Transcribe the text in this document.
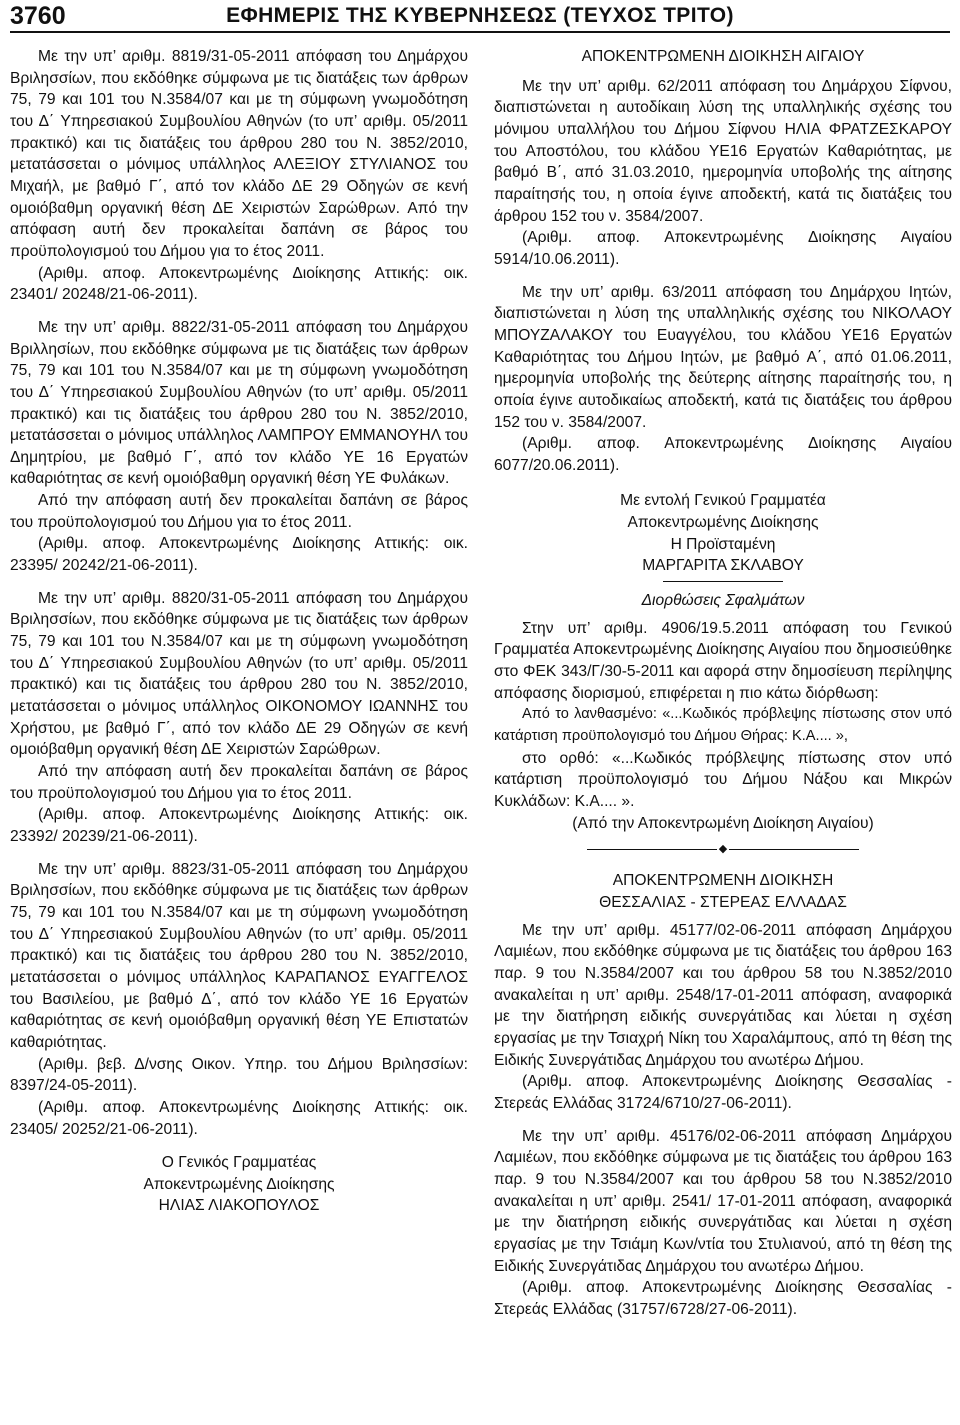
3760	ΕΦΗΜΕΡΙΣ ΤΗΣ ΚΥΒΕΡΝΗΣΕΩΣ (ΤΕΥΧΟΣ ΤΡΙΤΟ)

Με την υπ’ αριθμ. 8819/31-05-2011 απόφαση του Δημάρχου Βριλησσίων, που εκδόθηκε σύμφωνα με τις διατάξεις των άρθρων 75, 79 και 101 του Ν.3584/07 και με τη σύμφωνη γνωμοδότηση του Δ΄ Υπηρεσιακού Συμβουλίου Αθηνών (το υπ’ αριθμ. 05/2011 πρακτικό) και τις διατάξεις του άρθρου 280 του Ν. 3852/2010, μετατάσσεται ο μόνιμος υπάλληλος ΑΛΕΞΙΟΥ ΣΤΥΛΙΑΝΟΣ του Μιχαήλ, με βαθμό Γ΄, από τον κλάδο ΔΕ 29 Οδηγών σε κενή ομοιόβαθμη οργανική θέση ΔΕ Χειριστών Σαρώθρων. Από την απόφαση αυτή δεν προκαλείται δαπάνη σε βάρος του προϋπολογισμού του Δήμου για το έτος 2011.

(Αριθμ. αποφ. Αποκεντρωμένης Διοίκησης Αττικής: οικ. 23401/ 20248/21-06-2011).

Με την υπ’ αριθμ. 8822/31-05-2011 απόφαση του Δημάρχου Βριλλησίων, που εκδόθηκε σύμφωνα με τις διατάξεις των άρθρων 75, 79 και 101 του Ν.3584/07 και με τη σύμφωνη γνωμοδότηση του Δ΄ Υπηρεσιακού Συμβουλίου Αθηνών (το υπ’ αριθμ. 05/2011 πρακτικό) και τις διατάξεις του άρθρου 280 του Ν. 3852/2010, μετατάσσεται ο μόνιμος υπάλληλος ΛΑΜΠΡΟΥ ΕΜΜΑΝΟΥΗΛ του Δημητρίου, με βαθμό Γ΄, από τον κλάδο ΥΕ 16 Εργατών καθαριότητας σε κενή ομοιόβαθμη οργανική θέση ΥΕ Φυλάκων.

Από την απόφαση αυτή δεν προκαλείται δαπάνη σε βάρος του προϋπολογισμού του Δήμου για το έτος 2011.

(Αριθμ. αποφ. Αποκεντρωμένης Διοίκησης Αττικής: οικ. 23395/ 20242/21-06-2011).

Με την υπ’ αριθμ. 8820/31-05-2011 απόφαση του Δημάρχου Βριλησσίων, που εκδόθηκε σύμφωνα με τις διατάξεις των άρθρων 75, 79 και 101 του Ν.3584/07 και με τη σύμφωνη γνωμοδότηση του Δ΄ Υπηρεσιακού Συμβουλίου Αθηνών (το υπ’ αριθμ. 05/2011 πρακτικό) και τις διατάξεις του άρθρου 280 του Ν. 3852/2010, μετατάσσεται ο μόνιμος υπάλληλος ΟΙΚΟΝΟΜΟΥ ΙΩΑΝΝΗΣ του Χρήστου, με βαθμό Γ΄, από τον κλάδο ΔΕ 29 Οδηγών σε κενή ομοιόβαθμη οργανική θέση ΔΕ Χειριστών Σαρώθρων.

Από την απόφαση αυτή δεν προκαλείται δαπάνη σε βάρος του προϋπολογισμού του Δήμου για το έτος 2011.

(Αριθμ. αποφ. Αποκεντρωμένης Διοίκησης Αττικής: οικ. 23392/ 20239/21-06-2011).

Με την υπ’ αριθμ. 8823/31-05-2011 απόφαση του Δημάρχου Βριλησσίων, που εκδόθηκε σύμφωνα με τις διατάξεις των άρθρων 75, 79 και 101 του Ν.3584/07 και με τη σύμφωνη γνωμοδότηση του Δ΄ Υπηρεσιακού Συμβουλίου Αθηνών (το υπ’ αριθμ. 05/2011 πρακτικό) και τις διατάξεις του άρθρου 280 του Ν. 3852/2010, μετατάσσεται ο μόνιμος υπάλληλος ΚΑΡΑΠΑΝΟΣ ΕΥΑΓΓΕΛΟΣ του Βασιλείου, με βαθμό Δ΄, από τον κλάδο ΥΕ 16 Εργατών καθαριότητας σε κενή ομοιόβαθμη οργανική θέση ΥΕ Επιστατών καθαριότητας.

(Αριθμ. βεβ. Δ/νσης Οικον. Υπηρ. του Δήμου Βριλησσίων: 8397/24-05-2011).

(Αριθμ. αποφ. Αποκεντρωμένης Διοίκησης Αττικής: οικ. 23405/ 20252/21-06-2011).

Ο Γενικός Γραμματέας
Αποκεντρωμένης Διοίκησης
ΗΛΙΑΣ ΛΙΑΚΟΠΟΥΛΟΣ
ΑΠΟΚΕΝΤΡΩΜΕΝΗ ΔΙΟΙΚΗΣΗ ΑΙΓΑΙΟΥ

Με την υπ’ αριθμ. 62/2011 απόφαση του Δημάρχου Σίφνου, διαπιστώνεται η αυτοδίκαιη λύση της υπαλληλικής σχέσης του μόνιμου υπαλλήλου του Δήμου Σίφνου ΗΛΙΑ ΦΡΑΤΖΕΣΚΑΡΟΥ του Αποστόλου, του κλάδου ΥΕ16 Εργατών Καθαριότητας, με βαθμό Β΄, από 31.03.2010, ημερομηνία υποβολής της αίτησης παραίτησής του, η οποία έγινε αποδεκτή, κατά τις διατάξεις του άρθρου 152 του ν. 3584/2007.

(Αριθμ. αποφ. Αποκεντρωμένης Διοίκησης Αιγαίου 5914/10.06.2011).

Με την υπ’ αριθμ. 63/2011 απόφαση του Δημάρχου Ιητών, διαπιστώνεται η λύση της υπαλληλικής σχέσης του ΝΙΚΟΛΑΟΥ ΜΠΟΥΖΑΛΑΚΟΥ του Ευαγγέλου, του κλάδου ΥΕ16 Εργατών Καθαριότητας του Δήμου Ιητών, με βαθμό Α΄, από 01.06.2011, ημερομηνία υποβολής της δεύτερης αίτησης παραίτησής του, η οποία έγινε αυτοδικαίως αποδεκτή, κατά τις διατάξεις του άρθρου 152 του ν. 3584/2007.

(Αριθμ. αποφ. Αποκεντρωμένης Διοίκησης Αιγαίου 6077/20.06.2011).

Με εντολή Γενικού Γραμματέα
Αποκεντρωμένης Διοίκησης
Η Προϊσταμένη
ΜΑΡΓΑΡΙΤΑ ΣΚΛΑΒΟΥ
Διορθώσεις Σφαλμάτων

Στην υπ’ αριθμ. 4906/19.5.2011 απόφαση του Γενικού Γραμματέα Αποκεντρωμένης Διοίκησης Αιγαίου που δημοσιεύθηκε στο ΦΕΚ 343/Γ/30-5-2011 και αφορά στην δημοσίευση περίληψης απόφασης διορισμού, επιφέρεται η πιο κάτω διόρθωση:

Από το λανθασμένο: «...Κωδικός πρόβλεψης πίστωσης στον υπό κατάρτιση προϋπολογισμό του Δήμου Θήρας: Κ.Α.... »,

στο ορθό: «...Κωδικός πρόβλεψης πίστωσης στον υπό κατάρτιση προϋπολογισμό του Δήμου Νάξου και Μικρών Κυκλάδων: Κ.Α.... ».

(Από την Αποκεντρωμένη Διοίκηση Αιγαίου)
◆
ΑΠΟΚΕΝΤΡΩΜΕΝΗ ΔΙΟΙΚΗΣΗ
ΘΕΣΣΑΛΙΑΣ - ΣΤΕΡΕΑΣ ΕΛΛΑΔΑΣ

Με την υπ’ αριθμ. 45177/02-06-2011 απόφαση Δημάρχου Λαμιέων, που εκδόθηκε σύμφωνα με τις διατάξεις του άρθρου 163 παρ. 9 του Ν.3584/2007 και του άρθρου 58 του Ν.3852/2010 ανακαλείται η υπ’ αριθμ. 2548/17-01-2011 απόφαση, αναφορικά με την διατήρηση ειδικής συνεργάτιδας και λύεται η σχέση εργασίας με την Τσιαχρή Νίκη του Χαραλάμπους, από τη θέση της Ειδικής Συνεργάτιδας Δημάρχου του ανωτέρω Δήμου.

(Αριθμ. αποφ. Αποκεντρωμένης Διοίκησης Θεσσαλίας - Στερεάς Ελλάδας 31724/6710/27-06-2011).

Με την υπ’ αριθμ. 45176/02-06-2011 απόφαση Δημάρχου Λαμιέων, που εκδόθηκε σύμφωνα με τις διατάξεις του άρθρου 163 παρ. 9 του Ν.3584/2007 και του άρθρου 58 του Ν.3852/2010 ανακαλείται η υπ’ αριθμ. 2541/ 17-01-2011 απόφαση, αναφορικά με την διατήρηση ειδικής συνεργάτιδας και λύεται η σχέση εργασίας με την Τσιάμη Κων/ντία του Στυλιανού, από τη θέση της Ειδικής Συνεργάτιδας Δημάρχου του ανωτέρω Δήμου.

(Αριθμ. αποφ. Αποκεντρωμένης Διοίκησης Θεσσαλίας - Στερεάς Ελλάδας (31757/6728/27-06-2011).
